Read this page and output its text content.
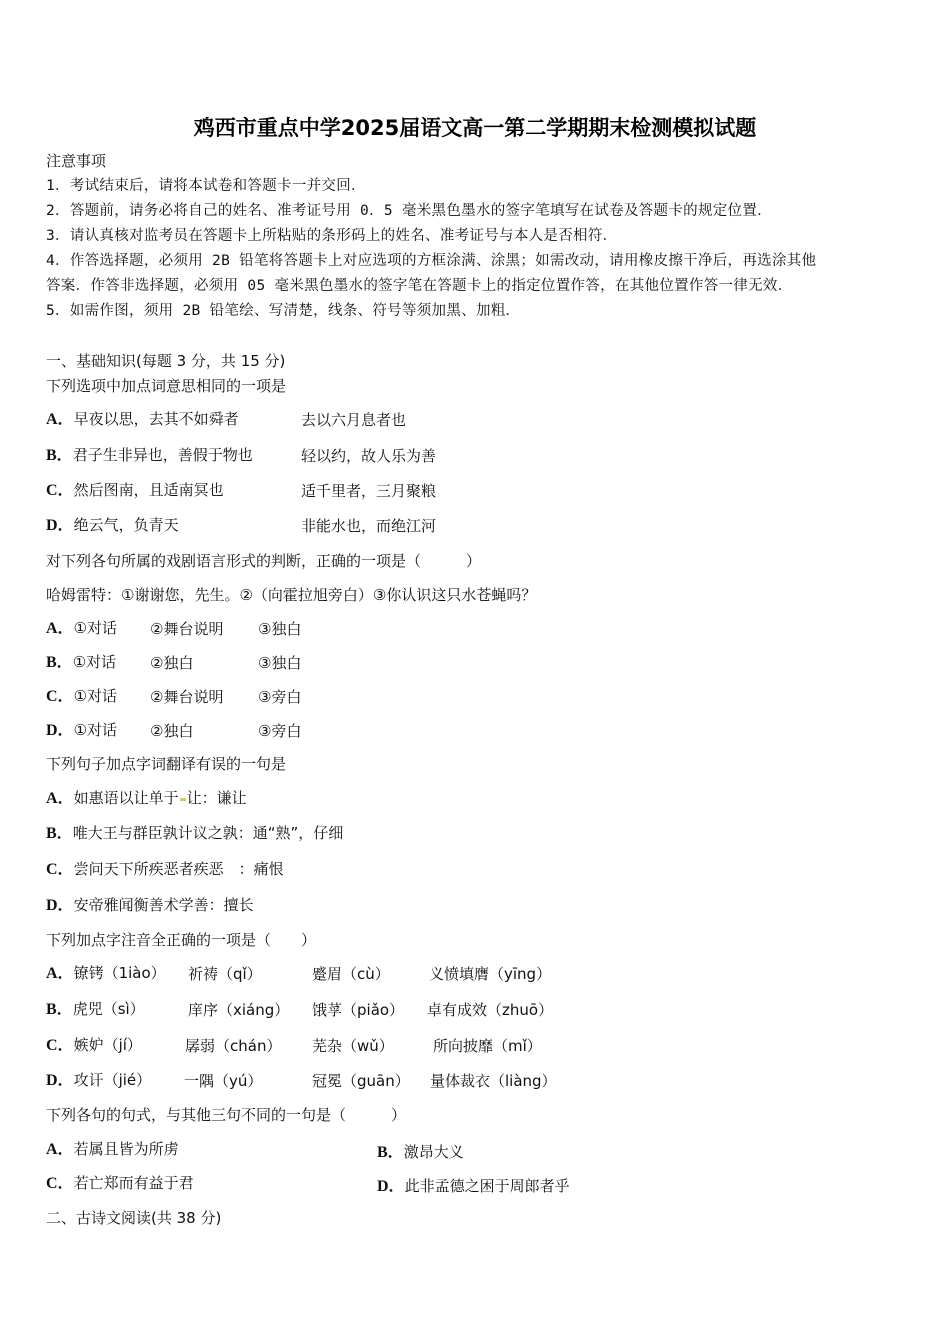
鸡西市重点中学2025届语文高一第二学期期末检测模拟试题
注意事项
1．考试结束后，请将本试卷和答题卡一并交回．
2．答题前，请务必将自己的姓名、准考证号用 0．5 毫米黑色墨水的签字笔填写在试卷及答题卡的规定位置．
3．请认真核对监考员在答题卡上所粘贴的条形码上的姓名、准考证号与本人是否相符．
4．作答选择题，必须用 2B 铅笔将答题卡上对应选项的方框涂满、涂黑；如需改动，请用橡皮擦干净后，再选涂其他
答案．作答非选择题，必须用 05 毫米黑色墨水的签字笔在答题卡上的指定位置作答，在其他位置作答一律无效．
5．如需作图，须用 2B 铅笔绘、写清楚，线条、符号等须加黑、加粗．
一、基础知识(每题 3 分，共 15 分)
下列选项中加点词意思相同的一项是
A．早夜以思，去其不如舜者	去以六月息者也
B．君子生非异也，善假于物也	轻以约，故人乐为善
C．然后图南，且适南冥也	适千里者，三月聚粮
D．绝云气，负青天	非能水也，而绝江河
对下列各句所属的戏剧语言形式的判断，正确的一项是（　　　）
哈姆雷特：①谢谢您，先生。②（向霍拉旭旁白）③你认识这只水苍蝇吗？
A．①对话 ②舞台说明 ③独白
B．①对话 ②独白	③独白
C．①对话 ②舞台说明 ③旁白
D．①对话 ②独白	③旁白
下列句子加点字词翻译有误的一句是
A．如惠语以让单于 让：谦让
B．唯大王与群臣孰计议之孰：通“熟”，仔细
C．尝问天下所疾恶者疾恶　：痛恨
D．安帝雅闻衡善术学善：擅长
下列加点字注音全正确的一项是（　　）
A．镣铐（1iào） 祈祷（qǐ）	蹙眉（cù）	义愤填膺（yīng）
B．虎兕（sì）	庠序（xiáng） 饿莩（piǎo） 卓有成效（zhuō）
C．嫉妒（jí）	孱弱（chán） 芜杂（wǔ）	所向披靡（mǐ）
D．攻讦（jié） 一隅（yú）	冠冕（guān） 量体裁衣（liàng）
下列各句的句式，与其他三句不同的一句是（　　　）
A．若属且皆为所虏	B．激昂大义
C．若亡郑而有益于君	D．此非孟德之困于周郎者乎
二、古诗文阅读(共 38 分)
